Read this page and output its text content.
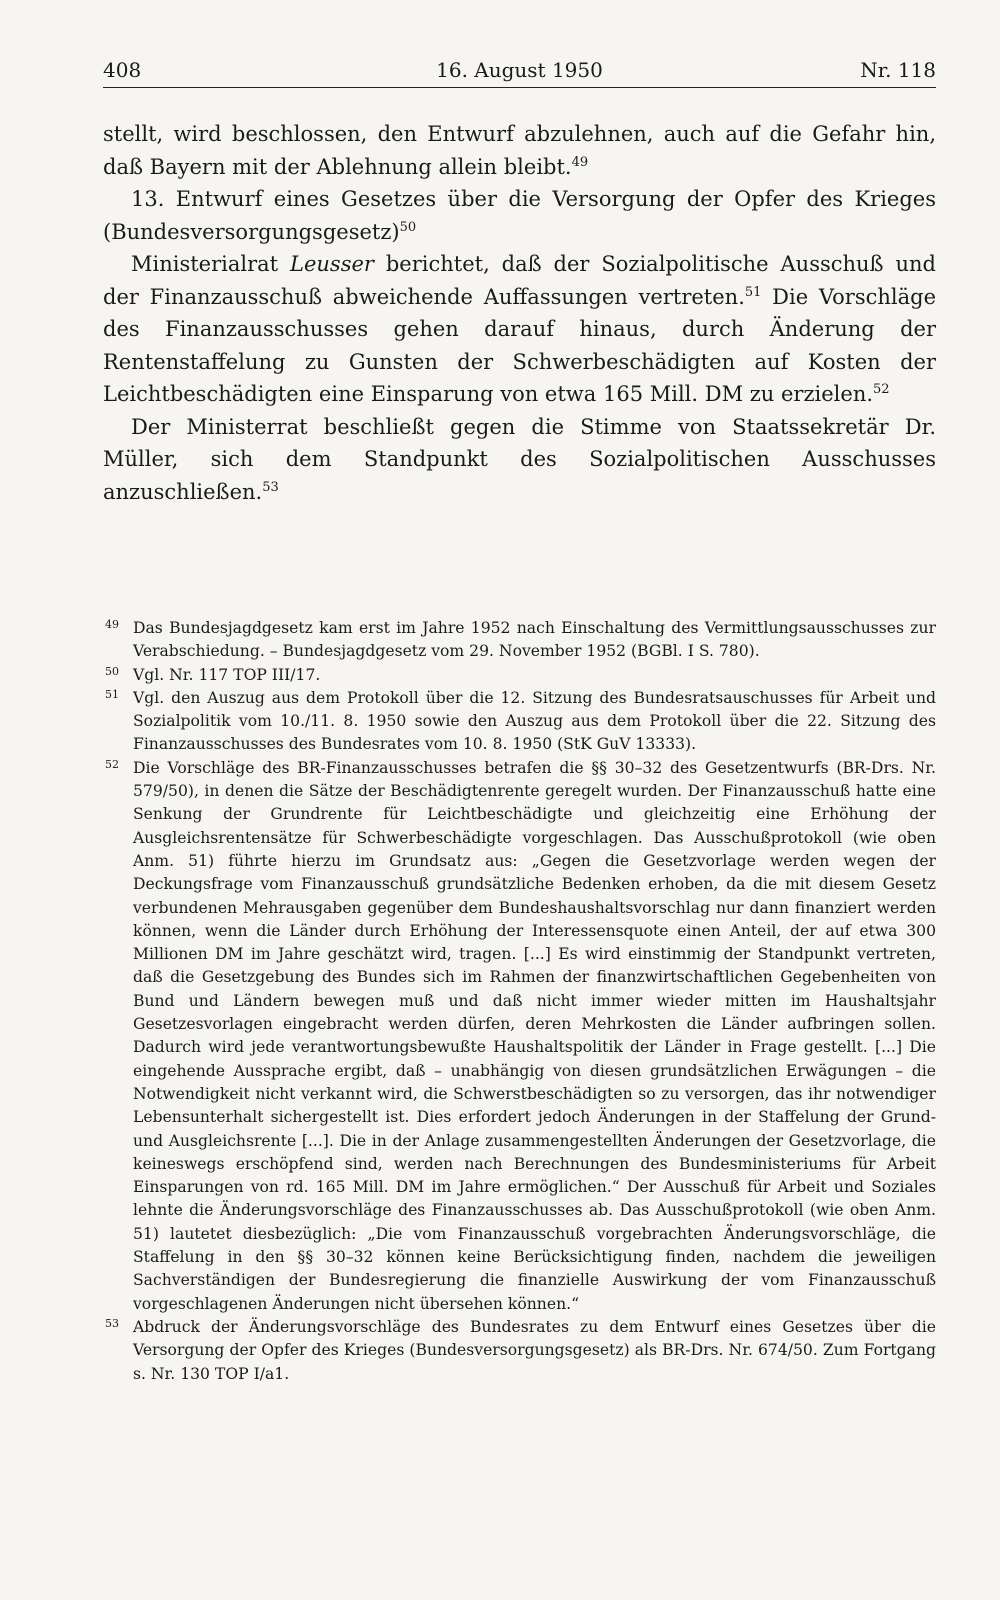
408	16. August 1950	Nr. 118

stellt, wird beschlossen, den Entwurf abzulehnen, auch auf die Gefahr hin, daß Bayern mit der Ablehnung allein bleibt.$^{49}$

13. Entwurf eines Gesetzes über die Versorgung der Opfer des Krieges (Bundesversorgungsgesetz)$^{50}$

Ministerialrat Leusser berichtet, daß der Sozialpolitische Ausschuß und der Finanzausschuß abweichende Auffassungen vertreten.$^{51}$ Die Vorschläge des Finanzausschusses gehen darauf hinaus, durch Änderung der Rentenstaffelung zu Gunsten der Schwerbeschädigten auf Kosten der Leichtbeschädigten eine Einsparung von etwa 165 Mill. DM zu erzielen.$^{52}$

Der Ministerrat beschließt gegen die Stimme von Staatssekretär Dr. Müller, sich dem Standpunkt des Sozialpolitischen Ausschusses anzuschließen.$^{53}$

49 Das Bundesjagdgesetz kam erst im Jahre 1952 nach Einschaltung des Vermittlungsausschusses zur Verabschiedung. – Bundesjagdgesetz vom 29. November 1952 (BGBl. I S. 780).

50 Vgl. Nr. 117 TOP III/17.

51 Vgl. den Auszug aus dem Protokoll über die 12. Sitzung des Bundesratsauschusses für Arbeit und Sozialpolitik vom 10./11. 8. 1950 sowie den Auszug aus dem Protokoll über die 22. Sitzung des Finanzausschusses des Bundesrates vom 10. 8. 1950 (StK GuV 13333).

52 Die Vorschläge des BR-Finanzausschusses betrafen die §§ 30–32 des Gesetzentwurfs (BR-Drs. Nr. 579/50), in denen die Sätze der Beschädigtenrente geregelt wurden. Der Finanzausschuß hatte eine Senkung der Grundrente für Leichtbeschädigte und gleichzeitig eine Erhöhung der Ausgleichsrentensätze für Schwerbeschädigte vorgeschlagen. Das Ausschußprotokoll (wie oben Anm. 51) führte hierzu im Grundsatz aus: „Gegen die Gesetzvorlage werden wegen der Deckungsfrage vom Finanzausschuß grundsätzliche Bedenken erhoben, da die mit diesem Gesetz verbundenen Mehrausgaben gegenüber dem Bundeshaushaltsvorschlag nur dann finanziert werden können, wenn die Länder durch Erhöhung der Interessensquote einen Anteil, der auf etwa 300 Millionen DM im Jahre geschätzt wird, tragen. [...] Es wird einstimmig der Standpunkt vertreten, daß die Gesetzgebung des Bundes sich im Rahmen der finanzwirtschaftlichen Gegebenheiten von Bund und Ländern bewegen muß und daß nicht immer wieder mitten im Haushaltsjahr Gesetzesvorlagen eingebracht werden dürfen, deren Mehrkosten die Länder aufbringen sollen. Dadurch wird jede verantwortungsbewußte Haushaltspolitik der Länder in Frage gestellt. [...] Die eingehende Aussprache ergibt, daß – unabhängig von diesen grundsätzlichen Erwägungen – die Notwendigkeit nicht verkannt wird, die Schwerstbeschädigten so zu versorgen, das ihr notwendiger Lebensunterhalt sichergestellt ist. Dies erfordert jedoch Änderungen in der Staffelung der Grund- und Ausgleichsrente [...]. Die in der Anlage zusammengestellten Änderungen der Gesetzvorlage, die keineswegs erschöpfend sind, werden nach Berechnungen des Bundesministeriums für Arbeit Einsparungen von rd. 165 Mill. DM im Jahre ermöglichen.“ Der Ausschuß für Arbeit und Soziales lehnte die Änderungsvorschläge des Finanzausschusses ab. Das Ausschußprotokoll (wie oben Anm. 51) lautetet diesbezüglich: „Die vom Finanzausschuß vorgebrachten Änderungsvorschläge, die Staffelung in den §§ 30–32 können keine Berücksichtigung finden, nachdem die jeweiligen Sachverständigen der Bundesregierung die finanzielle Auswirkung der vom Finanzausschuß vorgeschlagenen Änderungen nicht übersehen können.“

53 Abdruck der Änderungsvorschläge des Bundesrates zu dem Entwurf eines Gesetzes über die Versorgung der Opfer des Krieges (Bundesversorgungsgesetz) als BR-Drs. Nr. 674/50. Zum Fortgang s. Nr. 130 TOP I/a1.
